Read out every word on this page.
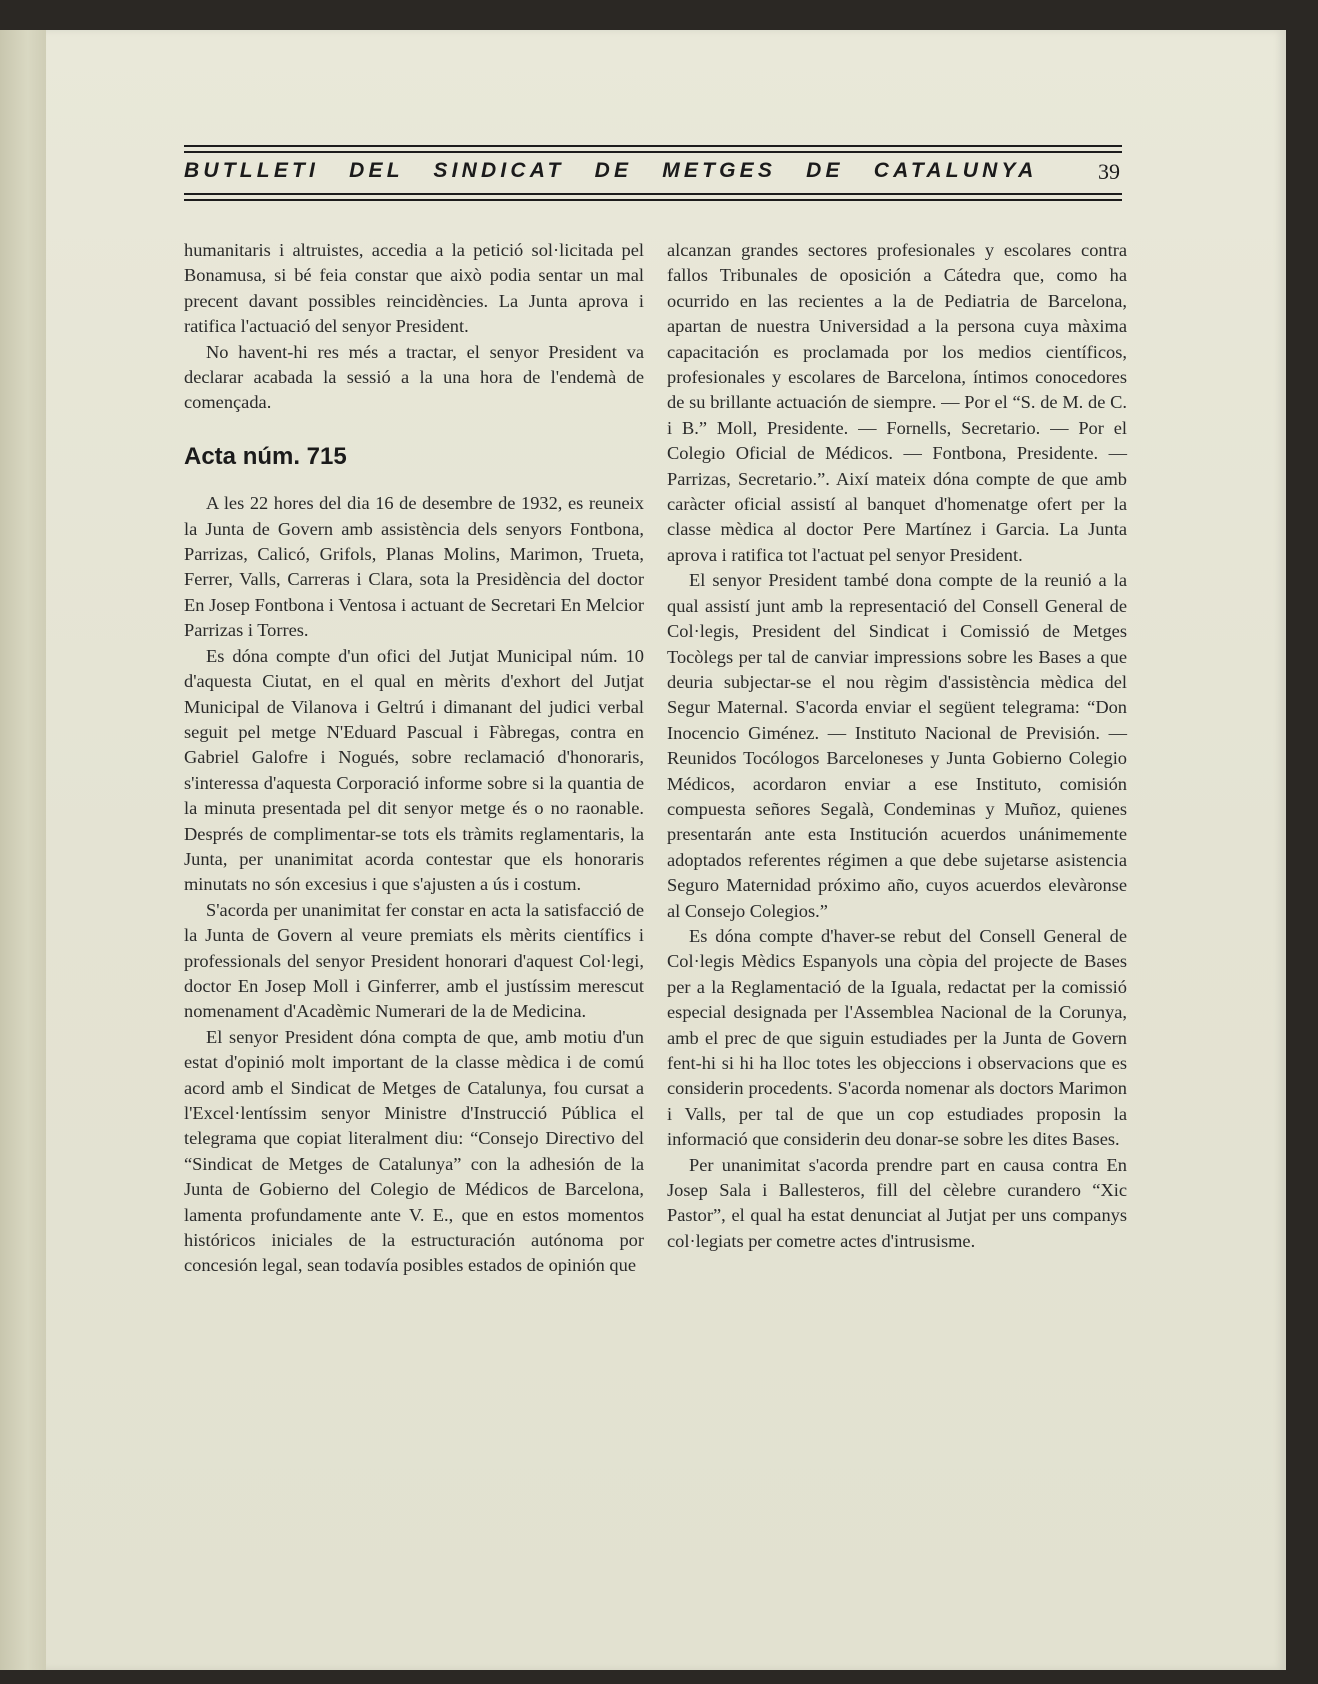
BUTLLETI DEL SINDICAT DE METGES DE CATALUNYA	39

humanitaris i altruistes, accedia a la petició sol·licitada pel Bonamusa, si bé feia constar que això podia sentar un mal precent davant possibles reincidències. La Junta aprova i ratifica l'actuació del senyor President.

No havent-hi res més a tractar, el senyor President va declarar acabada la sessió a la una hora de l'endemà de començada.

Acta núm. 715

A les 22 hores del dia 16 de desembre de 1932, es reuneix la Junta de Govern amb assistència dels senyors Fontbona, Parrizas, Calicó, Grifols, Planas Molins, Marimon, Trueta, Ferrer, Valls, Carreras i Clara, sota la Presidència del doctor En Josep Fontbona i Ventosa i actuant de Secretari En Melcior Parrizas i Torres.

Es dóna compte d'un ofici del Jutjat Municipal núm. 10 d'aquesta Ciutat, en el qual en mèrits d'exhort del Jutjat Municipal de Vilanova i Geltrú i dimanant del judici verbal seguit pel metge N'Eduard Pascual i Fàbregas, contra en Gabriel Galofre i Nogués, sobre reclamació d'honoraris, s'interessa d'aquesta Corporació informe sobre si la quantia de la minuta presentada pel dit senyor metge és o no raonable. Després de complimentar-se tots els tràmits reglamentaris, la Junta, per unanimitat acorda contestar que els honoraris minutats no són excesius i que s'ajusten a ús i costum.

S'acorda per unanimitat fer constar en acta la satisfacció de la Junta de Govern al veure premiats els mèrits científics i professionals del senyor President honorari d'aquest Col·legi, doctor En Josep Moll i Ginferrer, amb el justíssim merescut nomenament d'Acadèmic Numerari de la de Medicina.

El senyor President dóna compta de que, amb motiu d'un estat d'opinió molt important de la classe mèdica i de comú acord amb el Sindicat de Metges de Catalunya, fou cursat a l'Excel·lentíssim senyor Ministre d'Instrucció Pública el telegrama que copiat literalment diu: “Consejo Directivo del “Sindicat de Metges de Catalunya” con la adhesión de la Junta de Gobierno del Colegio de Médicos de Barcelona, lamenta profundamente ante V. E., que en estos momentos históricos iniciales de la estructuración autónoma por concesión legal, sean todavía posibles estados de opinión que

alcanzan grandes sectores profesionales y escolares contra fallos Tribunales de oposición a Cátedra que, como ha ocurrido en las recientes a la de Pediatria de Barcelona, apartan de nuestra Universidad a la persona cuya màxima capacitación es proclamada por los medios científicos, profesionales y escolares de Barcelona, íntimos conocedores de su brillante actuación de siempre. — Por el “S. de M. de C. i B.” Moll, Presidente. — Fornells, Secretario. — Por el Colegio Oficial de Médicos. — Fontbona, Presidente. — Parrizas, Secretario.”. Així mateix dóna compte de que amb caràcter oficial assistí al banquet d'homenatge ofert per la classe mèdica al doctor Pere Martínez i Garcia. La Junta aprova i ratifica tot l'actuat pel senyor President.

El senyor President també dona compte de la reunió a la qual assistí junt amb la representació del Consell General de Col·legis, President del Sindicat i Comissió de Metges Tocòlegs per tal de canviar impressions sobre les Bases a que deuria subjectar-se el nou règim d'assistència mèdica del Segur Maternal. S'acorda enviar el següent telegrama: “Don Inocencio Giménez. — Instituto Nacional de Previsión. — Reunidos Tocólogos Barceloneses y Junta Gobierno Colegio Médicos, acordaron enviar a ese Instituto, comisión compuesta señores Segalà, Condeminas y Muñoz, quienes presentarán ante esta Institución acuerdos unánimemente adoptados referentes régimen a que debe sujetarse asistencia Seguro Maternidad próximo año, cuyos acuerdos elevàronse al Consejo Colegios.”

Es dóna compte d'haver-se rebut del Consell General de Col·legis Mèdics Espanyols una còpia del projecte de Bases per a la Reglamentació de la Iguala, redactat per la comissió especial designada per l'Assemblea Nacional de la Corunya, amb el prec de que siguin estudiades per la Junta de Govern fent-hi si hi ha lloc totes les objeccions i observacions que es considerin procedents. S'acorda nomenar als doctors Marimon i Valls, per tal de que un cop estudiades proposin la informació que considerin deu donar-se sobre les dites Bases.

Per unanimitat s'acorda prendre part en causa contra En Josep Sala i Ballesteros, fill del cèlebre curandero “Xic Pastor”, el qual ha estat denunciat al Jutjat per uns companys col·legiats per cometre actes d'intrusisme.
